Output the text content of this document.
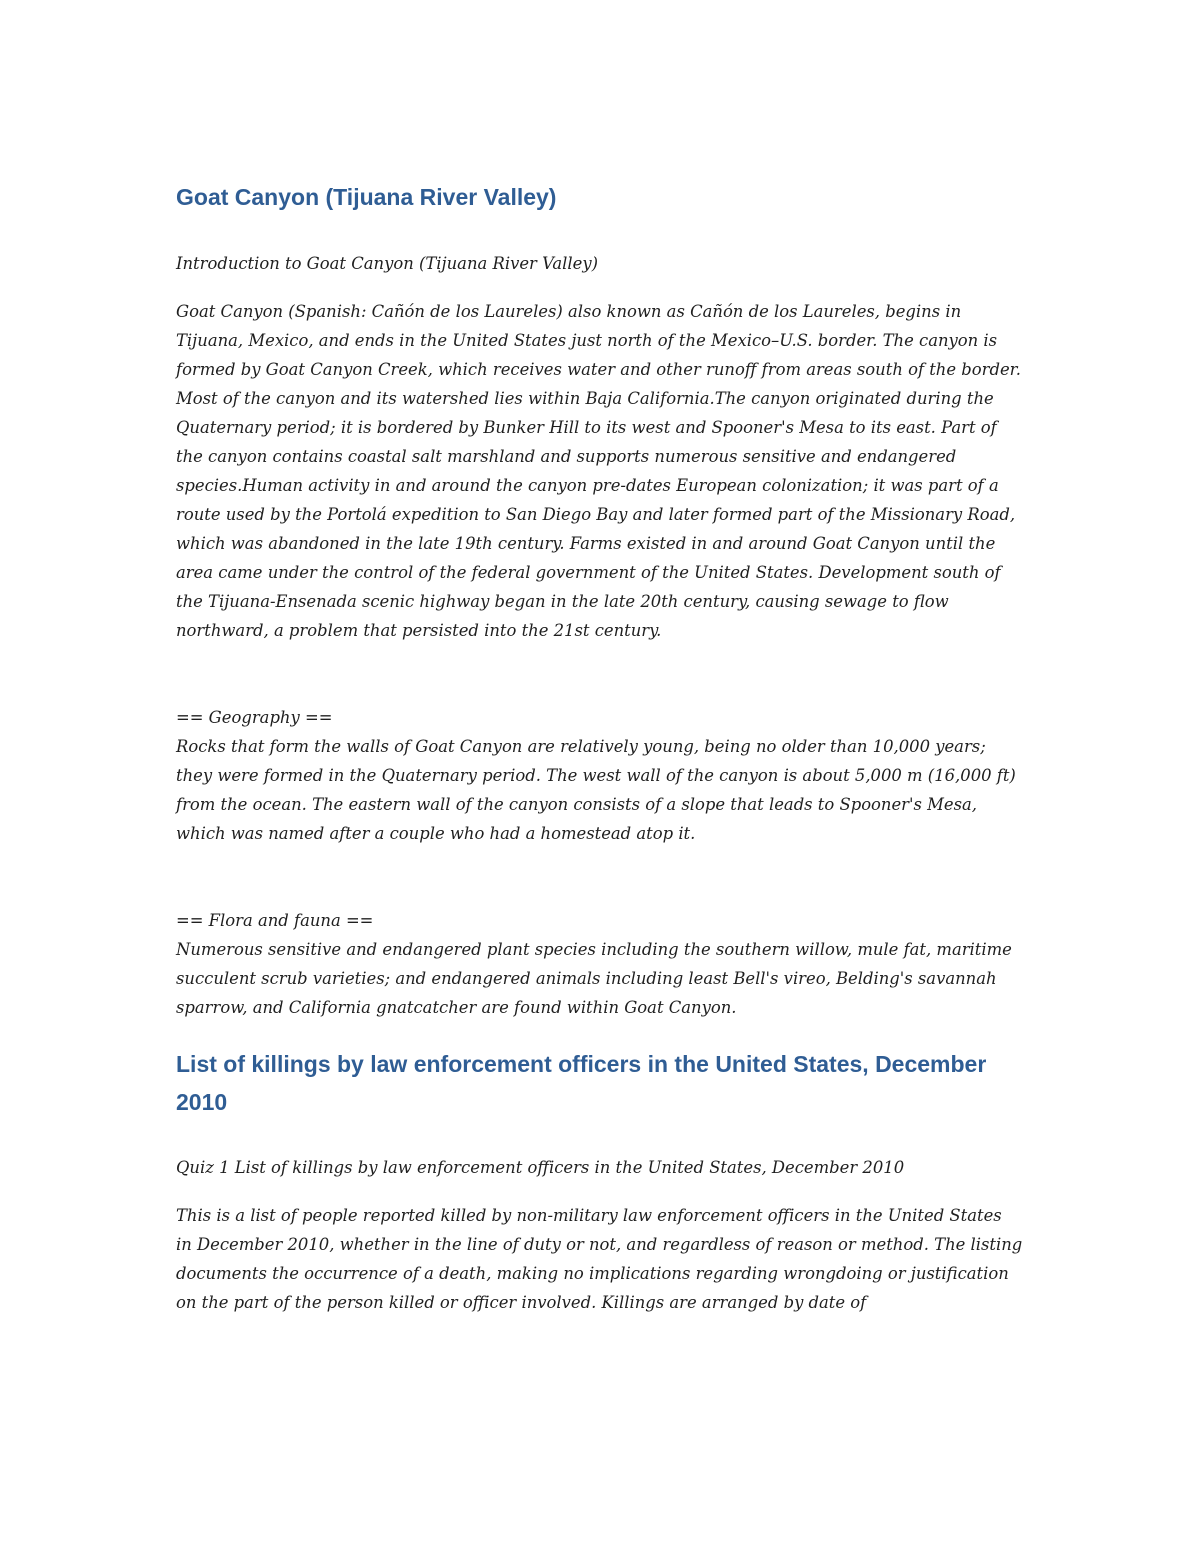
Goat Canyon (Tijuana River Valley)

Introduction to Goat Canyon (Tijuana River Valley)

Goat Canyon (Spanish: Cañón de los Laureles) also known as Cañón de los Laureles, begins in Tijuana, Mexico, and ends in the United States just north of the Mexico–U.S. border. The canyon is formed by Goat Canyon Creek, which receives water and other runoff from areas south of the border. Most of the canyon and its watershed lies within Baja California.The canyon originated during the Quaternary period; it is bordered by Bunker Hill to its west and Spooner's Mesa to its east. Part of the canyon contains coastal salt marshland and supports numerous sensitive and endangered species.Human activity in and around the canyon pre-dates European colonization; it was part of a route used by the Portolá expedition to San Diego Bay and later formed part of the Missionary Road, which was abandoned in the late 19th century. Farms existed in and around Goat Canyon until the area came under the control of the federal government of the United States. Development south of the Tijuana-Ensenada scenic highway began in the late 20th century, causing sewage to flow northward, a problem that persisted into the 21st century.

== Geography ==

Rocks that form the walls of Goat Canyon are relatively young, being no older than 10,000 years; they were formed in the Quaternary period. The west wall of the canyon is about 5,000 m (16,000 ft) from the ocean. The eastern wall of the canyon consists of a slope that leads to Spooner's Mesa, which was named after a couple who had a homestead atop it.

== Flora and fauna ==

Numerous sensitive and endangered plant species including the southern willow, mule fat, maritime succulent scrub varieties; and endangered animals including least Bell's vireo, Belding's savannah sparrow, and California gnatcatcher are found within Goat Canyon.

List of killings by law enforcement officers in the United States, December 2010

Quiz 1 List of killings by law enforcement officers in the United States, December 2010

This is a list of people reported killed by non-military law enforcement officers in the United States

in December 2010, whether in the line of duty or not, and regardless of reason or method. The listing documents the occurrence of a death, making no implications regarding wrongdoing or justification on the part of the person killed or officer involved. Killings are arranged by date of
